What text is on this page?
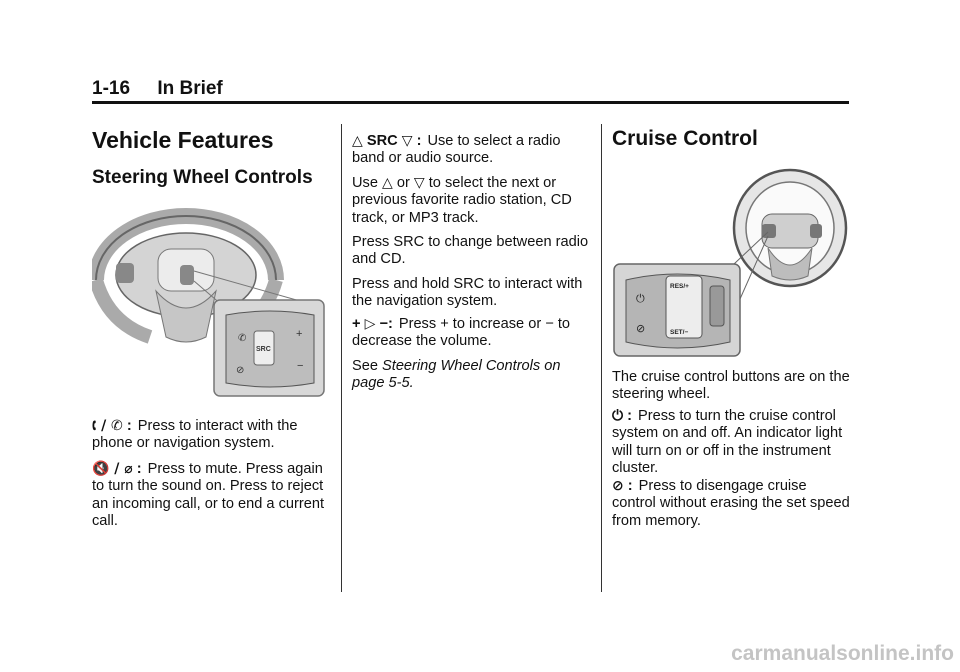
1-16 In Brief
Vehicle Features
Steering Wheel Controls
✆
⊘
SRC
+
−

🕻 / ✆ : Press to interact with the phone or navigation system.

🔇 / ⌀ : Press to mute. Press again to turn the sound on. Press to reject an incoming call, or to end a current call.

△ SRC ▽ : Use to select a radio band or audio source.

Use △ or ▽ to select the next or previous favorite radio station, CD track, or MP3 track.

Press SRC to change between radio and CD.

Press and hold SRC to interact with the navigation system.

+ ▷ −: Press + to increase or − to decrease the volume.

See Steering Wheel Controls on page 5-5.

Cruise Control
⏻
⊘
RES/+
SET/−

The cruise control buttons are on the steering wheel.

⏻ : Press to turn the cruise control system on and off. An indicator light will turn on or off in the instrument cluster.

⊘ : Press to disengage cruise control without erasing the set speed from memory.

carmanualsonline.info
